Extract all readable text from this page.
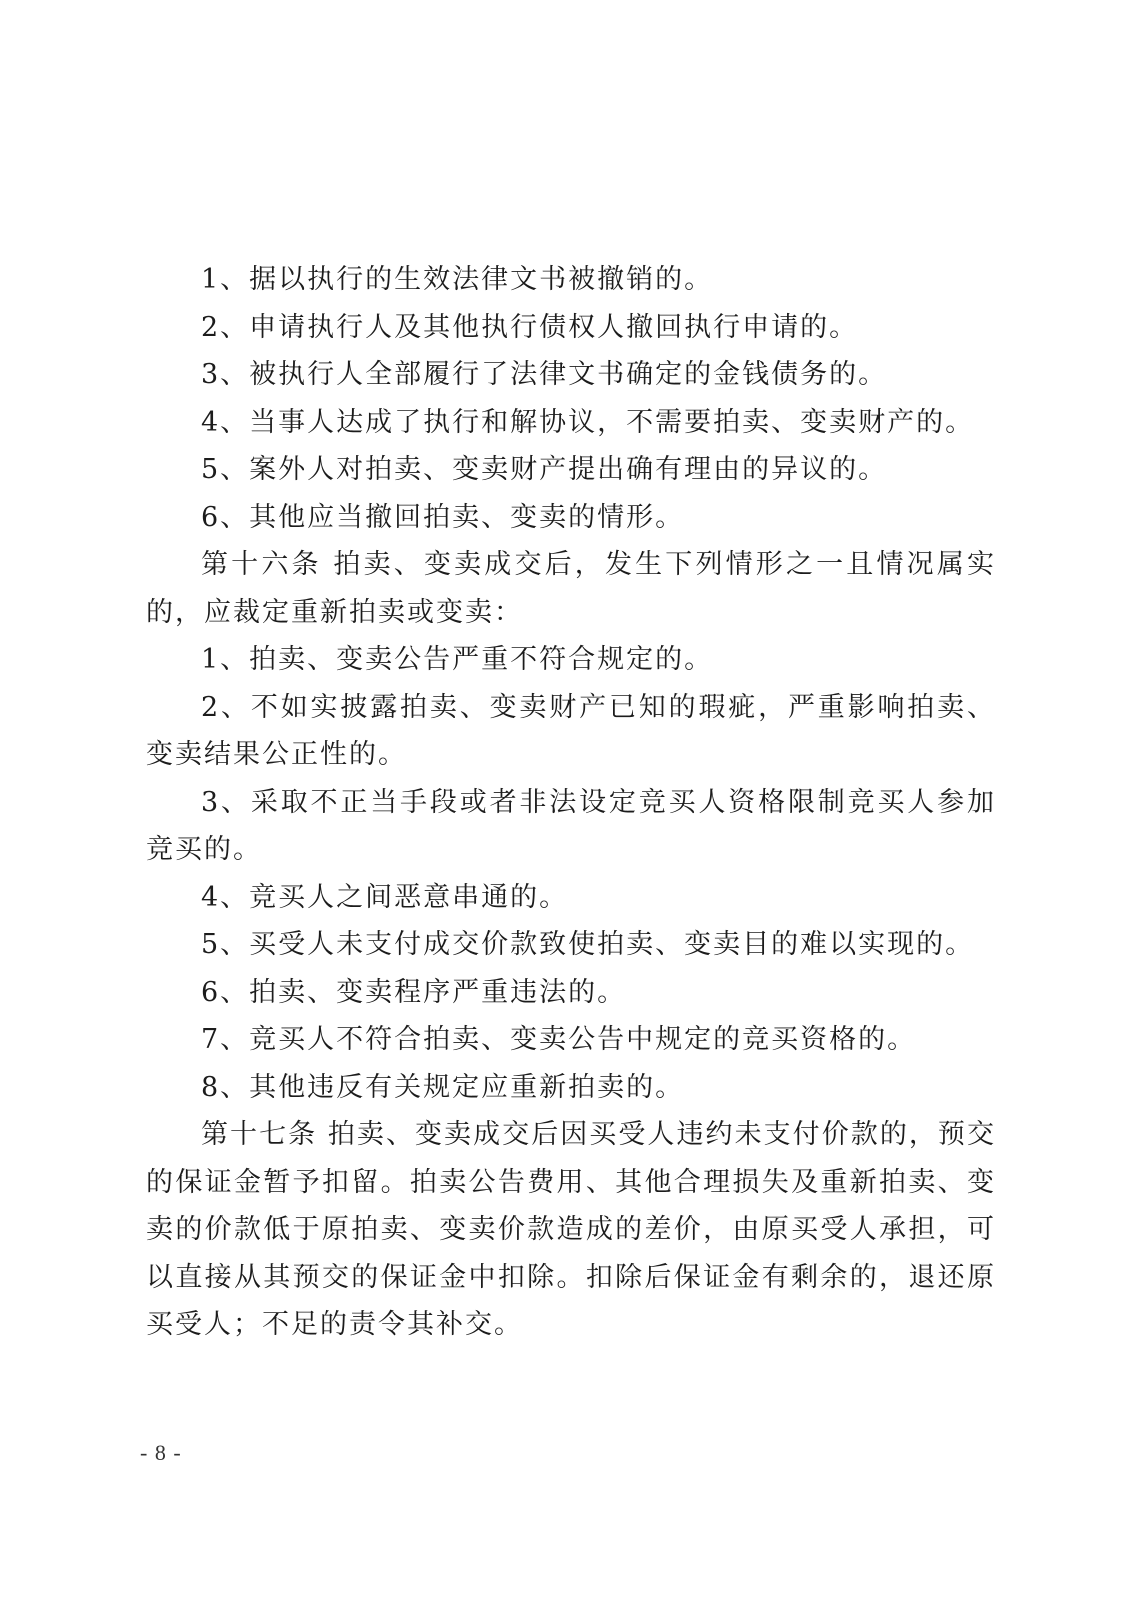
1、据以执行的生效法律文书被撤销的。

2、申请执行人及其他执行债权人撤回执行申请的。

3、被执行人全部履行了法律文书确定的金钱债务的。

4、当事人达成了执行和解协议，不需要拍卖、变卖财产的。

5、案外人对拍卖、变卖财产提出确有理由的异议的。

6、其他应当撤回拍卖、变卖的情形。

第十六条 拍卖、变卖成交后，发生下列情形之一且情况属实的，应裁定重新拍卖或变卖：

1、拍卖、变卖公告严重不符合规定的。

2、不如实披露拍卖、变卖财产已知的瑕疵，严重影响拍卖、变卖结果公正性的。

3、采取不正当手段或者非法设定竞买人资格限制竞买人参加竞买的。

4、竞买人之间恶意串通的。

5、买受人未支付成交价款致使拍卖、变卖目的难以实现的。

6、拍卖、变卖程序严重违法的。

7、竞买人不符合拍卖、变卖公告中规定的竞买资格的。

8、其他违反有关规定应重新拍卖的。

第十七条 拍卖、变卖成交后因买受人违约未支付价款的，预交的保证金暂予扣留。拍卖公告费用、其他合理损失及重新拍卖、变卖的价款低于原拍卖、变卖价款造成的差价，由原买受人承担，可以直接从其预交的保证金中扣除。扣除后保证金有剩余的，退还原买受人；不足的责令其补交。

- 8 -
